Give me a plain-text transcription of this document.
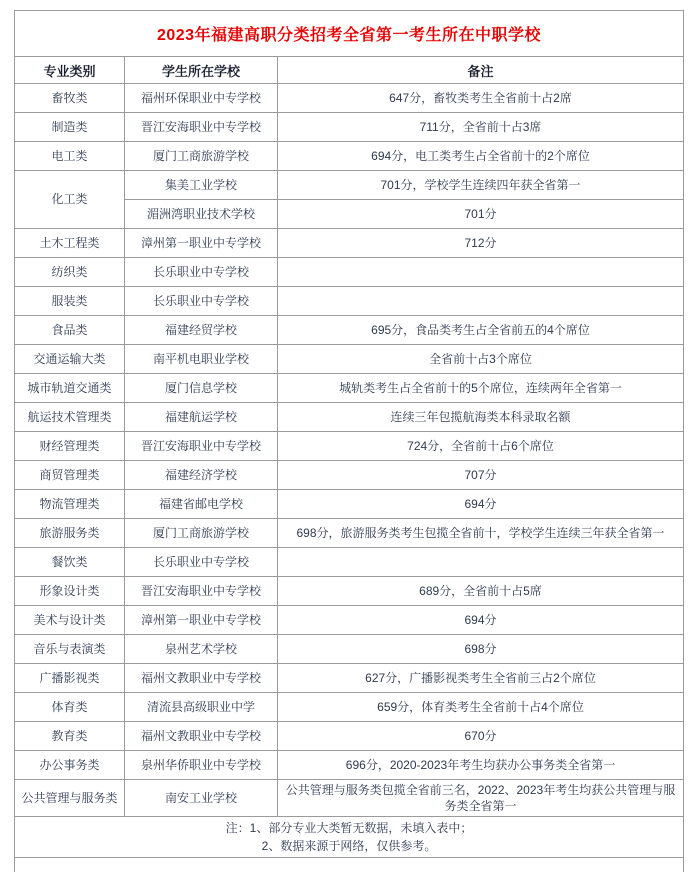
2023年福建高职分类招考全省第一考生所在中职学校		
专业类别	学生所在学校	备注
畜牧类	福州环保职业中专学校	647分，畜牧类考生全省前十占2席
制造类	晋江安海职业中专学校	711分，全省前十占3席
电工类	厦门工商旅游学校	694分，电工类考生占全省前十的2个席位
化工类	集美工业学校	701分，学校学生连续四年获全省第一
	湄洲湾职业技术学校	701分
土木工程类	漳州第一职业中专学校	712分
纺织类	长乐职业中专学校	
服装类	长乐职业中专学校	
食品类	福建经贸学校	695分，食品类考生占全省前五的4个席位
交通运输大类	南平机电职业学校	全省前十占3个席位
城市轨道交通类	厦门信息学校	城轨类考生占全省前十的5个席位，连续两年全省第一
航运技术管理类	福建航运学校	连续三年包揽航海类本科录取名额
财经管理类	晋江安海职业中专学校	724分，全省前十占6个席位
商贸管理类	福建经济学校	707分
物流管理类	福建省邮电学校	694分
旅游服务类	厦门工商旅游学校	698分，旅游服务类考生包揽全省前十，学校学生连续三年获全省第一
餐饮类	长乐职业中专学校	
形象设计类	晋江安海职业中专学校	689分，全省前十占5席
美术与设计类	漳州第一职业中专学校	694分
音乐与表演类	泉州艺术学校	698分
广播影视类	福州文教职业中专学校	627分，广播影视类考生全省前三占2个席位
体育类	清流县高级职业中学	659分，体育类考生全省前十占4个席位
教育类	福州文教职业中专学校	670分
办公事务类	泉州华侨职业中专学校	696分，2020-2023年考生均获办公事务类全省第一
公共管理与服务类	南安工业学校	公共管理与服务类包揽全省前三名，2022、2023年考生均获公共管理与服务类全省第一

注：1、部分专业大类暂无数据，未填入表中；
2、数据来源于网络，仅供参考。		
